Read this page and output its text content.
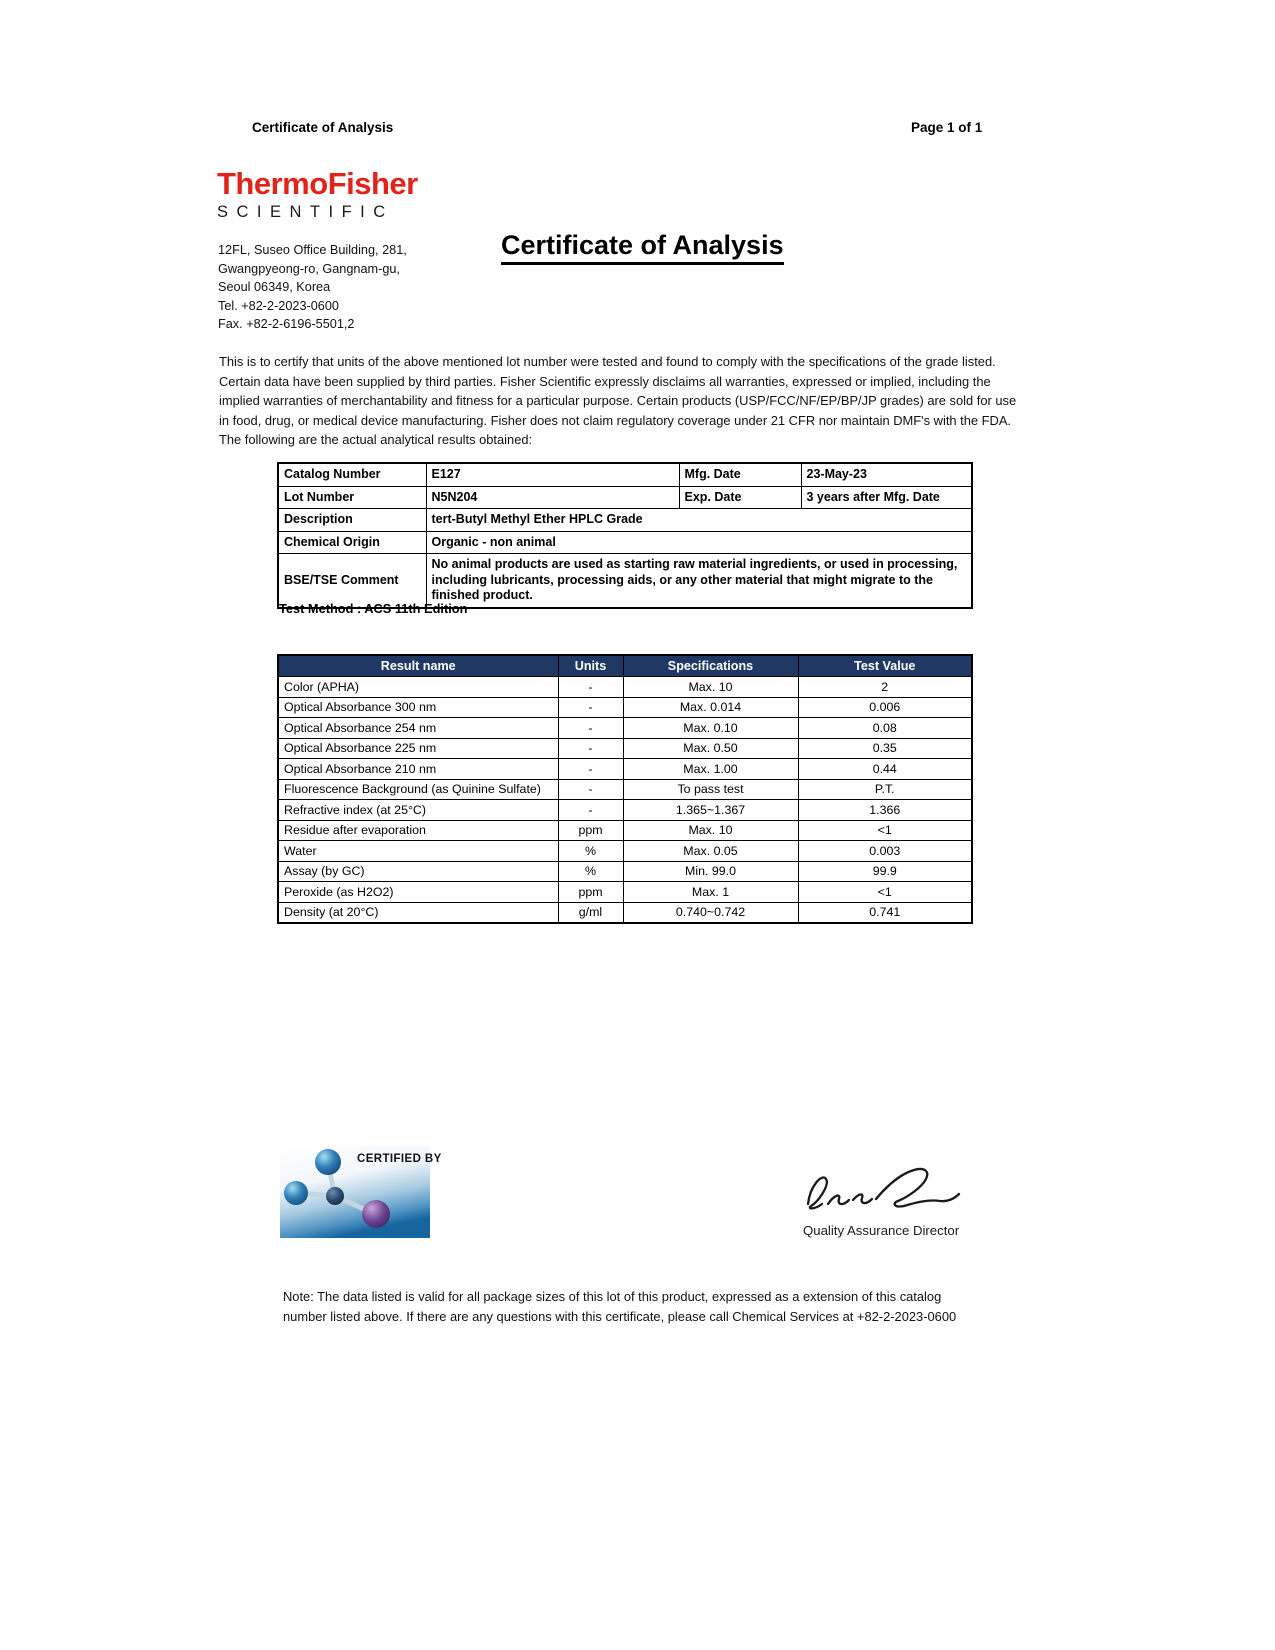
Certificate of Analysis	Page 1 of 1
ThermoFisher
SCIENTIFIC
12FL, Suseo Office Building, 281,
Gwangpyeong-ro, Gangnam-gu,
Seoul 06349, Korea
Tel. +82-2-2023-0600
Fax. +82-2-6196-5501,2
Certificate of Analysis
This is to certify that units of the above mentioned lot number were tested and found to comply with the specifications of the grade listed. Certain data have been supplied by third parties. Fisher Scientific expressly disclaims all warranties, expressed or implied, including the implied warranties of merchantability and fitness for a particular purpose. Certain products (USP/FCC/NF/EP/BP/JP grades) are sold for use in food, drug, or medical device manufacturing. Fisher does not claim regulatory coverage under 21 CFR nor maintain DMF's with the FDA. The following are the actual analytical results obtained:
Catalog Number	E127	Mfg. Date	23-May-23
Lot Number	N5N204	Exp. Date	3 years after Mfg. Date
Description	tert-Butyl Methyl Ether HPLC Grade		
Chemical Origin	Organic - non animal		
BSE/TSE Comment	No animal products are used as starting raw material ingredients, or used in processing, including lubricants, processing aids, or any other material that might migrate to the finished product.		
Test Method : ACS 11th Edition
Result name	Units	Specifications	Test Value
Color (APHA)	-	Max. 10	2
Optical Absorbance 300 nm	-	Max. 0.014	0.006
Optical Absorbance 254 nm	-	Max. 0.10	0.08
Optical Absorbance 225 nm	-	Max. 0.50	0.35
Optical Absorbance 210 nm	-	Max. 1.00	0.44
Fluorescence Background (as Quinine Sulfate)	-	To pass test	P.T.
Refractive index (at 25°C)	-	1.365~1.367	1.366
Residue after evaporation	ppm	Max. 10	<1
Water	%	Max. 0.05	0.003
Assay (by GC)	%	Min. 99.0	99.9
Peroxide (as H2O2)	ppm	Max. 1	<1
Density (at 20°C)	g/ml	0.740~0.742	0.741
CERTIFIED BY
Quality Assurance Director
Note: The data listed is valid for all package sizes of this lot of this product, expressed as a extension of this catalog number listed above. If there are any questions with this certificate, please call Chemical Services at +82-2-2023-0600
